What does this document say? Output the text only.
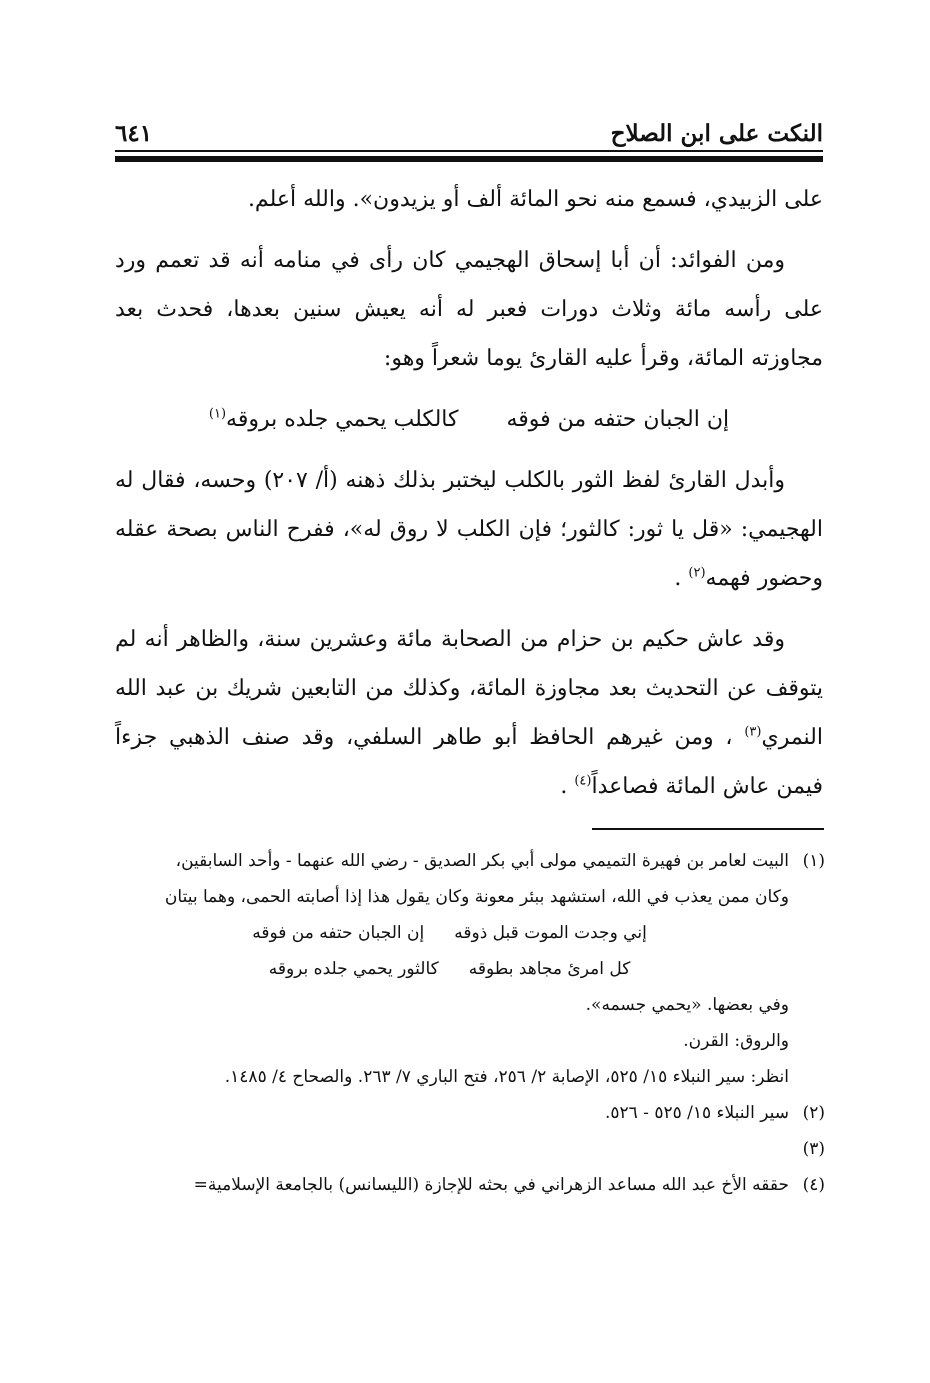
النكت على ابن الصلاح
٦٤١

على الزبيدي، فسمع منه نحو المائة ألف أو يزيدون». والله أعلم.

ومن الفوائد: أن أبا إسحاق الهجيمي كان رأى في منامه أنه قد تعمم ورد على رأسه مائة وثلاث دورات فعبر له أنه يعيش سنين بعدها، فحدث بعد مجاوزته المائة، وقرأ عليه القارئ يوما شعراً وهو:

إن الجبان حتفه من فوقه
كالكلب يحمي جلده بروقه$^{(١)}$

وأبدل القارئ لفظ الثور بالكلب ليختبر بذلك ذهنه (أ/ ٢٠٧) وحسه، فقال له الهجيمي: «قل يا ثور: كالثور؛ فإن الكلب لا روق له»، ففرح الناس بصحة عقله وحضور فهمه$^{(٢)}$ .

وقد عاش حكيم بن حزام من الصحابة مائة وعشرين سنة، والظاهر أنه لم يتوقف عن التحديث بعد مجاوزة المائة، وكذلك من التابعين شريك بن عبد الله النمري$^{(٣)}$ ، ومن غيرهم الحافظ أبو طاهر السلفي، وقد صنف الذهبي جزءاً فيمن عاش المائة فصاعداً$^{(٤)}$ .

(١)
البيت لعامر بن فهيرة التميمي مولى أبي بكر الصديق - رضي الله عنهما - وأحد السابقين،
وكان ممن يعذب في الله، استشهد ببئر معونة وكان يقول هذا إذا أصابته الحمى، وهما بيتان
إني وجدت الموت قبل ذوقه
إن الجبان حتفه من فوقه
كل امرئ مجاهد بطوقه
كالثور يحمي جلده بروقه
وفي بعضها. «يحمي جسمه».
والروق: القرن.
انظر: سير النبلاء ١٥/ ٥٢٥، الإصابة ٢/ ٢٥٦، فتح الباري ٧/ ٢٦٣. والصحاح ٤/ ١٤٨٥.
(٢)
سير النبلاء ١٥/ ٥٢٥ - ٥٢٦.
(٣)
(٤)
حققه الأخ عبد الله مساعد الزهراني في بحثه للإجازة (الليسانس) بالجامعة الإسلامية=
